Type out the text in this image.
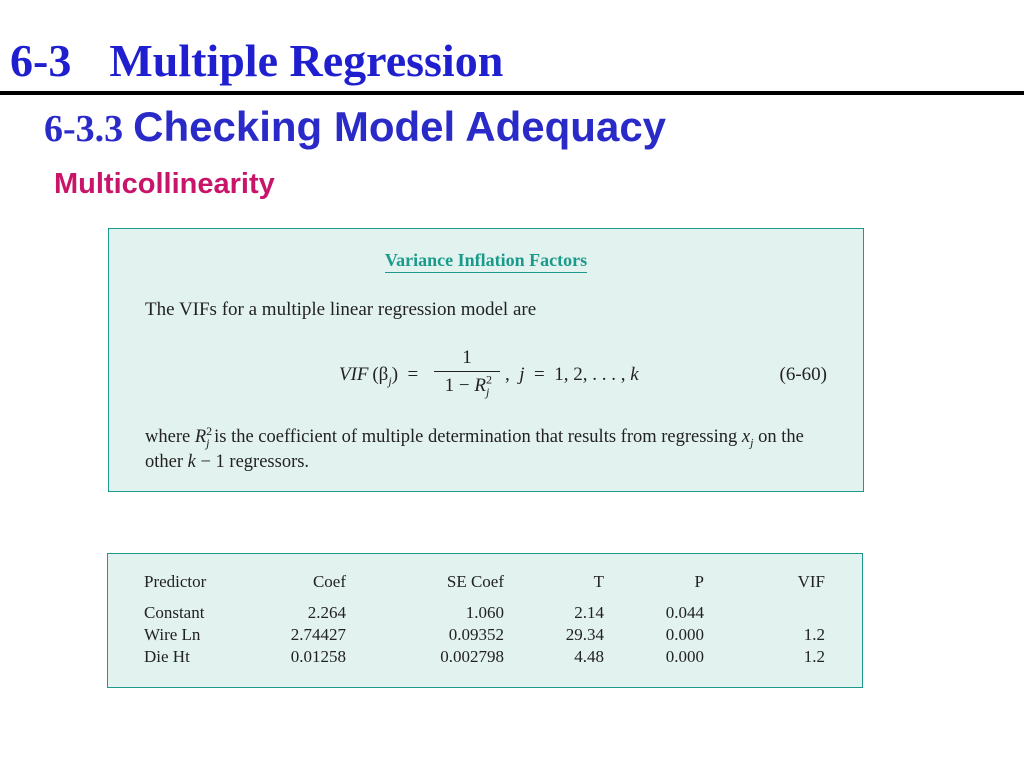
6-3 Multiple Regression
6-3.3 Checking Model Adequacy
Multicollinearity
Variance Inflation Factors

The VIFs for a multiple linear regression model are

VIF $(\beta_j)$  =
1
$1 - R^2_j$
,  j  =  1, 2, . . . , k	(6-60)

where $R^2_j$ is the coefficient of multiple determination that results from regressing $x_j$ on the other k − 1 regressors.

Predictor	Coef	SE Coef	T	P	VIF
Constant	2.264	1.060	2.14	0.044	
Wire Ln	2.74427	0.09352	29.34	0.000	1.2
Die Ht	0.01258	0.002798	4.48	0.000	1.2
